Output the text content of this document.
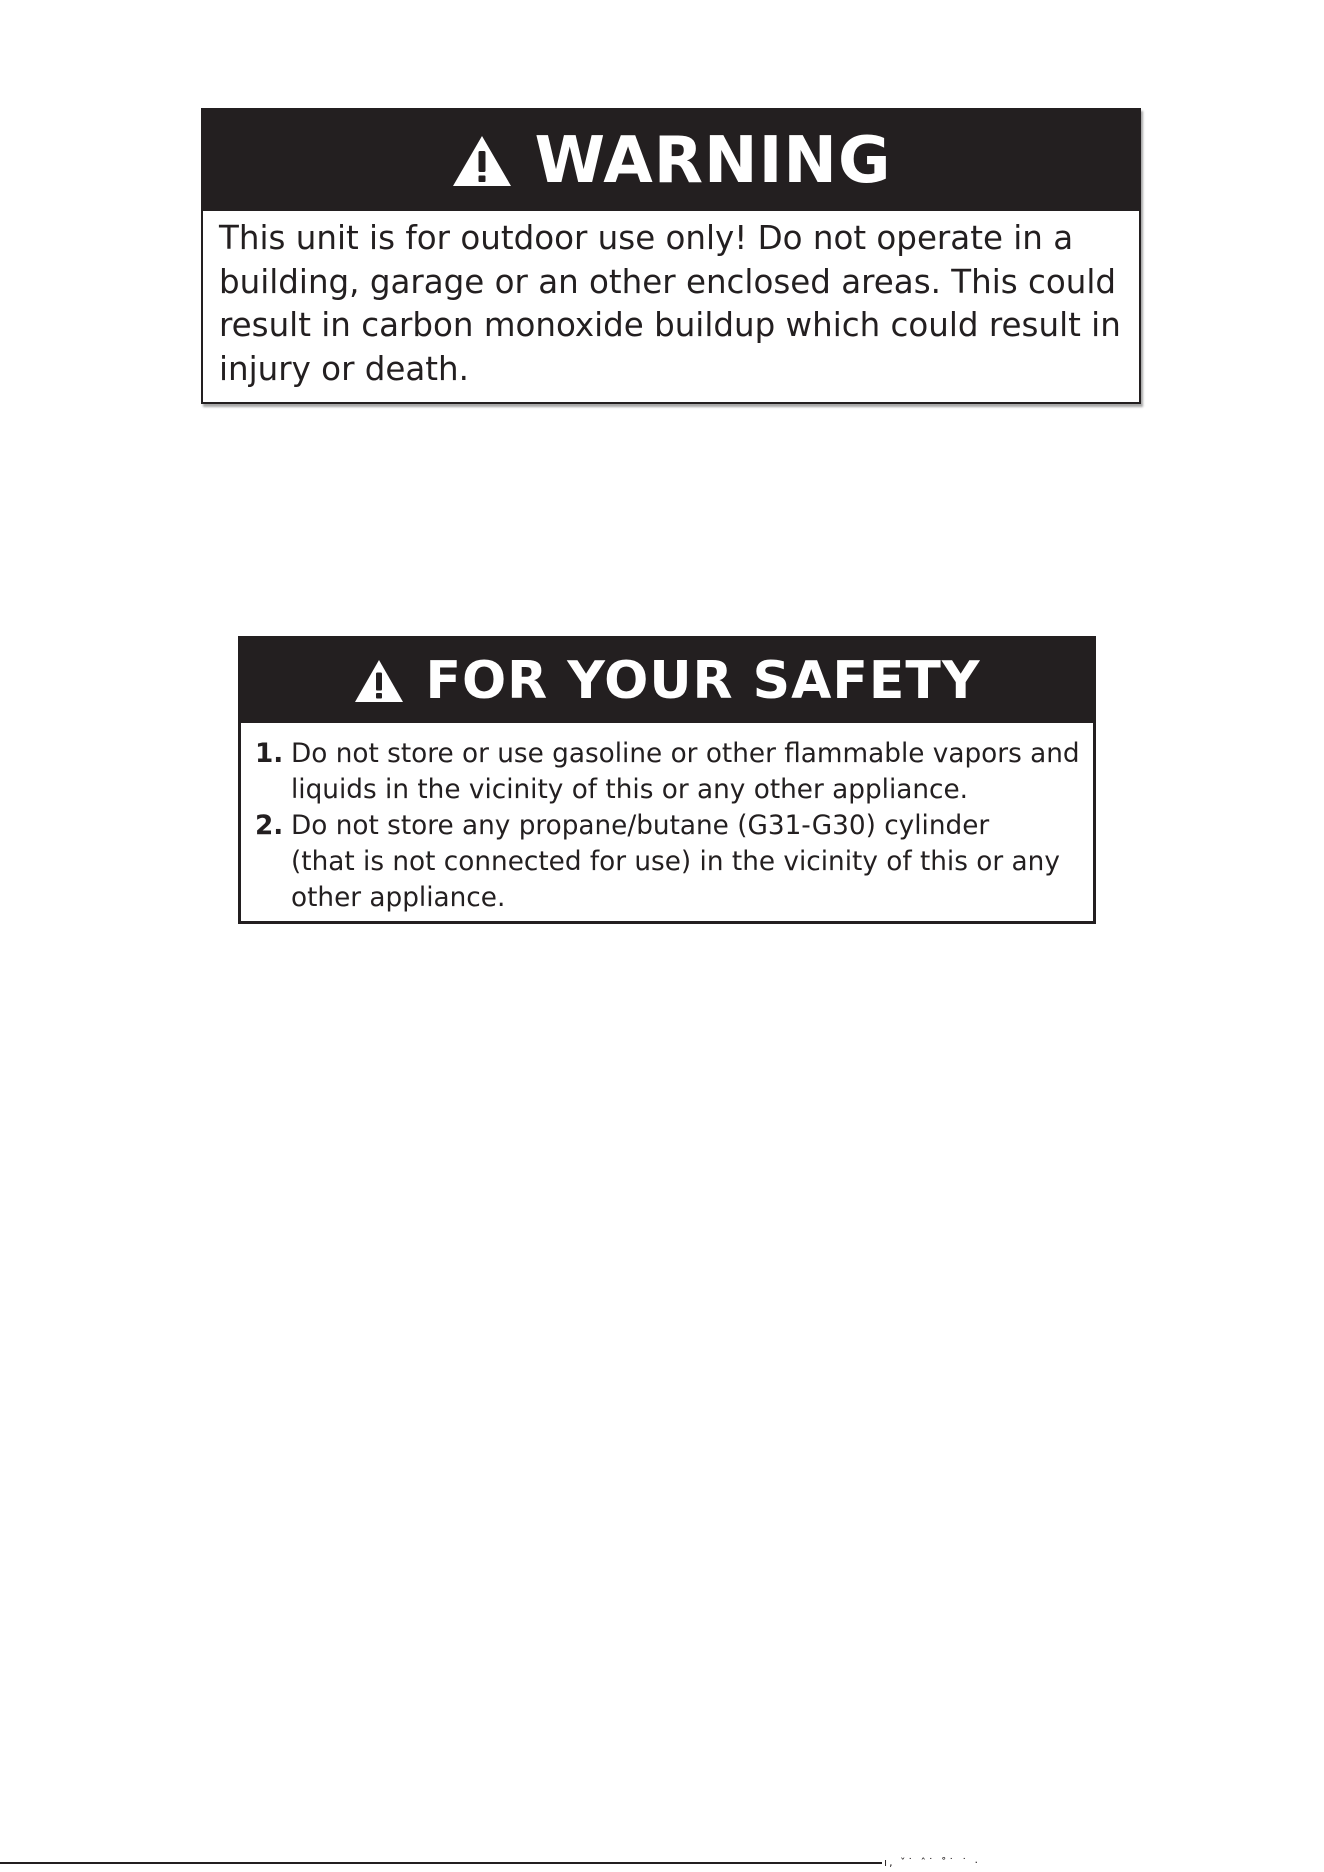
WARNING
This unit is for outdoor use only! Do not operate in a
building, garage or an other enclosed areas. This could
result in carbon monoxide buildup which could result in
injury or death.
FOR YOUR SAFETY
1. Do not store or use gasoline or other flammable vapors and
liquids in the vicinity of this or any other appliance.
2. Do not store any propane/butane (G31-G30) cylinder
(that is not connected for use) in the vicinity of this or any
other appliance.
ı‚ ˇ˙ ˆ˙ ˚˙ ˙ ·
